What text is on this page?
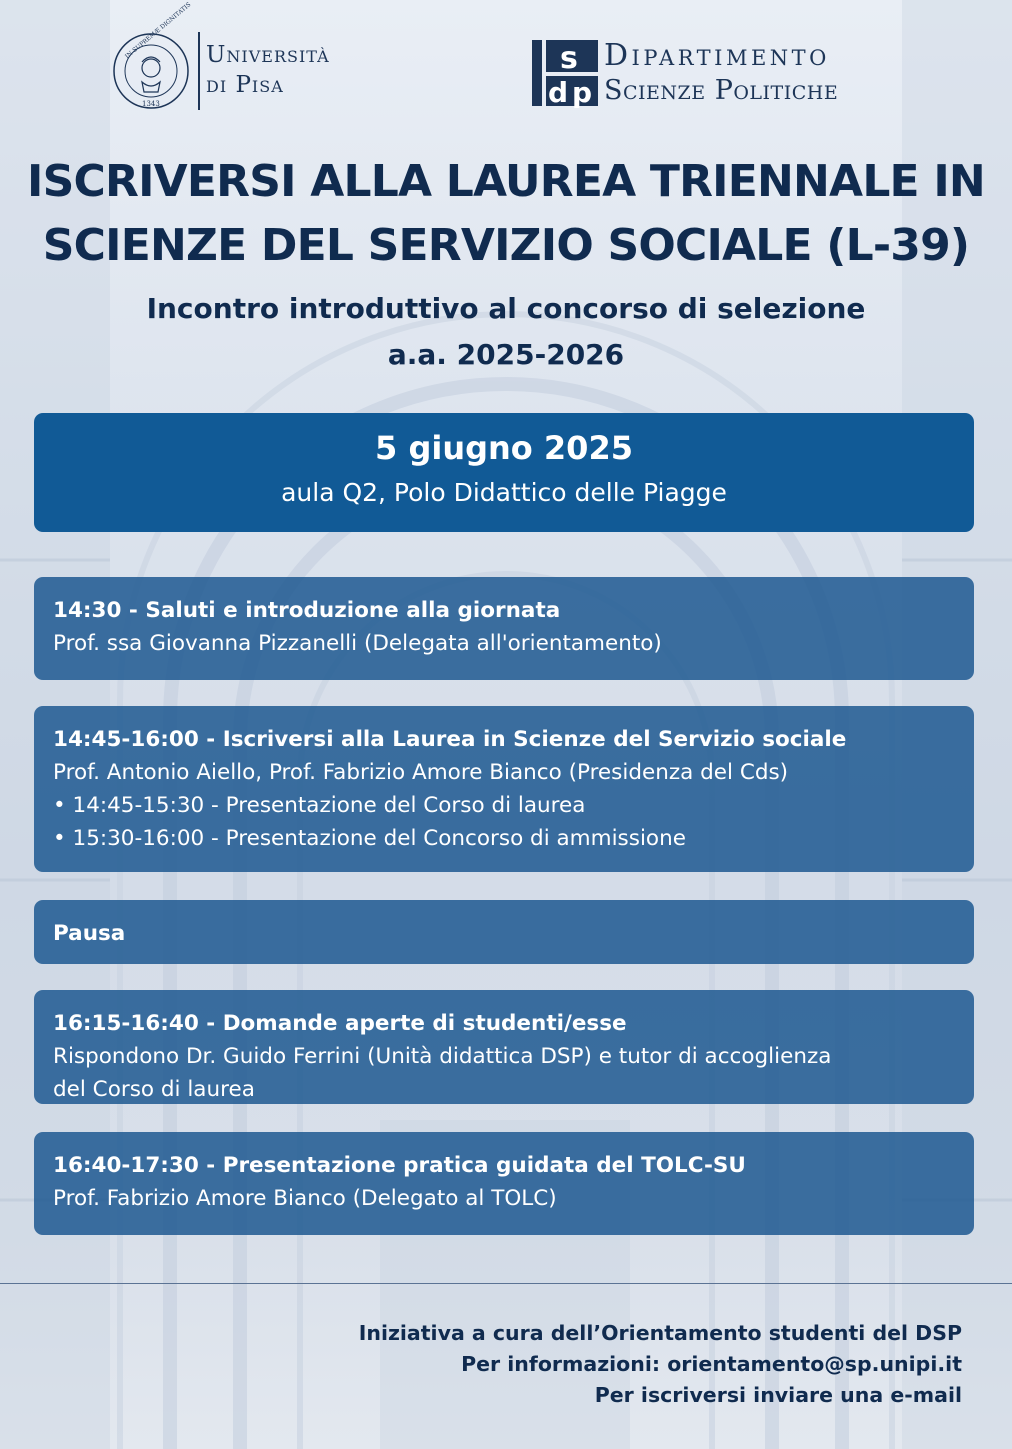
IN SUPREMÆ DIGNITATIS
1343
Università
di Pisa
s
d p
Dipartimento
Scienze Politiche
ISCRIVERSI ALLA LAUREA TRIENNALE IN
SCIENZE DEL SERVIZIO SOCIALE (L-39)
Incontro introduttivo al concorso di selezione
a.a. 2025-2026
5 giugno 2025
aula Q2, Polo Didattico delle Piagge
14:30 - Saluti e introduzione alla giornata
Prof. ssa Giovanna Pizzanelli (Delegata all'orientamento)
14:45-16:00 - Iscriversi alla Laurea in Scienze del Servizio sociale
Prof. Antonio Aiello, Prof. Fabrizio Amore Bianco (Presidenza del Cds)
• 14:45-15:30 - Presentazione del Corso di laurea
• 15:30-16:00 - Presentazione del Concorso di ammissione
Pausa
16:15-16:40 - Domande aperte di studenti/esse
Rispondono Dr. Guido Ferrini (Unità didattica DSP) e tutor di accoglienza
del Corso di laurea
16:40-17:30 - Presentazione pratica guidata del TOLC-SU
Prof. Fabrizio Amore Bianco (Delegato al TOLC)
Iniziativa a cura dell’Orientamento studenti del DSP
Per informazioni: orientamento@sp.unipi.it
Per iscriversi inviare una e-mail
